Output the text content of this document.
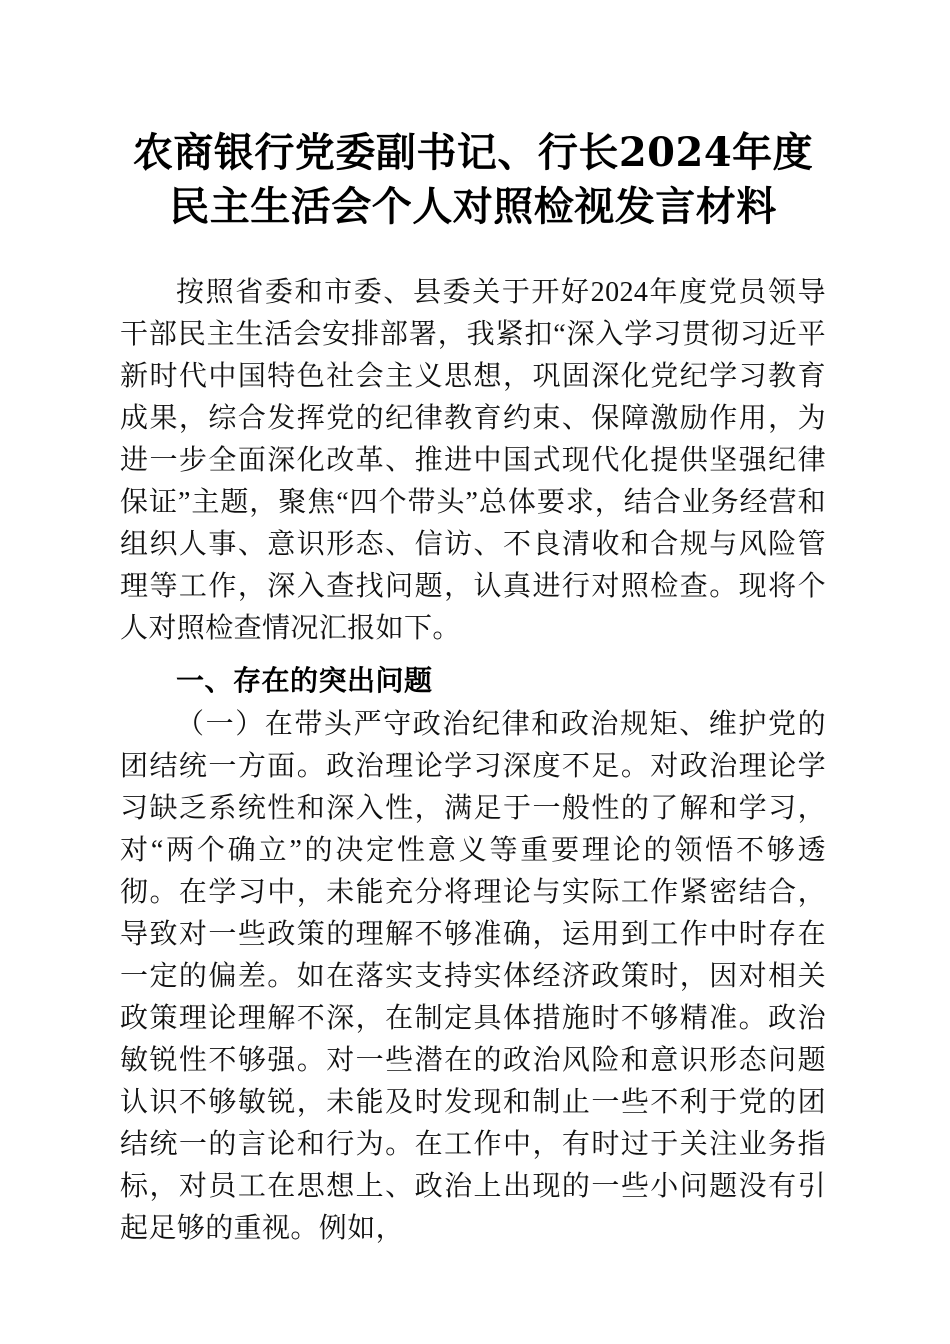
农商银行党委副书记、行长2024年度民主生活会个人对照检视发言材料

按照省委和市委、县委关于开好2024年度党员领导干部民主生活会安排部署，我紧扣“深入学习贯彻习近平新时代中国特色社会主义思想，巩固深化党纪学习教育成果，综合发挥党的纪律教育约束、保障激励作用，为进一步全面深化改革、推进中国式现代化提供坚强纪律保证”主题，聚焦“四个带头”总体要求，结合业务经营和组织人事、意识形态、信访、不良清收和合规与风险管理等工作，深入查找问题，认真进行对照检查。现将个人对照检查情况汇报如下。

一、存在的突出问题

（一）在带头严守政治纪律和政治规矩、维护党的团结统一方面。政治理论学习深度不足。对政治理论学习缺乏系统性和深入性，满足于一般性的了解和学习，对“两个确立”的决定性意义等重要理论的领悟不够透彻。在学习中，未能充分将理论与实际工作紧密结合，导致对一些政策的理解不够准确，运用到工作中时存在一定的偏差。如在落实支持实体经济政策时，因对相关政策理论理解不深，在制定具体措施时不够精准。政治敏锐性不够强。对一些潜在的政治风险和意识形态问题认识不够敏锐，未能及时发现和制止一些不利于党的团结统一的言论和行为。在工作中，有时过于关注业务指标，对员工在思想上、政治上出现的一些小问题没有引起足够的重视。例如，
